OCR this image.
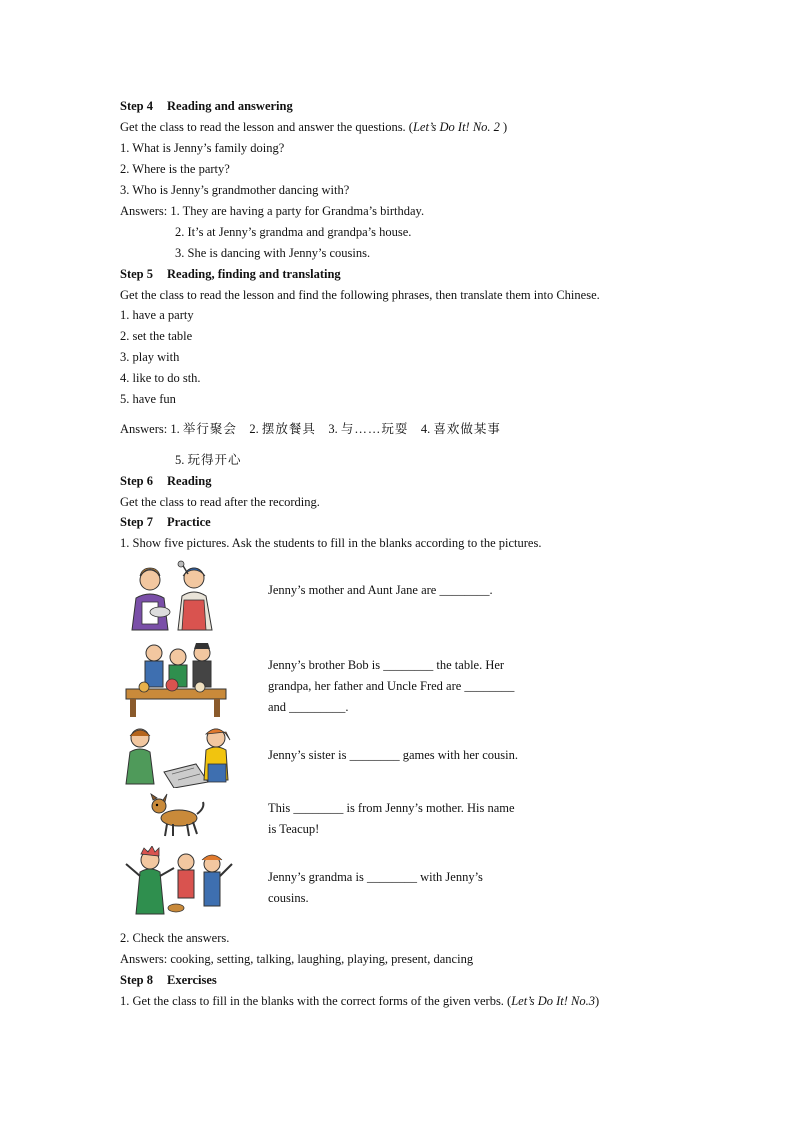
Step 4 Reading and answering
Get the class to read the lesson and answer the questions. (Let’s Do It! No. 2 )
1. What is Jenny’s family doing?
2. Where is the party?
3. Who is Jenny’s grandmother dancing with?
Answers: 1. They are having a party for Grandma’s birthday.
2. It’s at Jenny’s grandma and grandpa’s house.
3. She is dancing with Jenny’s cousins.
Step 5 Reading, finding and translating
Get the class to read the lesson and find the following phrases, then translate them into Chinese.
1. have a party
2. set the table
3. play with
4. like to do sth.
5. have fun
Answers: 1. 举行聚会 2. 摆放餐具 3. 与……玩耍 4. 喜欢做某事
5. 玩得开心
Step 6 Reading
Get the class to read after the recording.
Step 7 Practice
1. Show five pictures. Ask the students to fill in the blanks according to the pictures.
Jenny’s mother and Aunt Jane are ________.
Jenny’s brother Bob is ________ the table. Her
grandpa, her father and Uncle Fred are ________
and _________.
Jenny’s sister is ________ games with her cousin.
This ________ is from Jenny’s mother. His name
is Teacup!
Jenny’s grandma is ________ with Jenny’s
cousins.
2. Check the answers.
Answers: cooking, setting, talking, laughing, playing, present, dancing
Step 8 Exercises
1. Get the class to fill in the blanks with the correct forms of the given verbs. (Let’s Do It! No.3)
